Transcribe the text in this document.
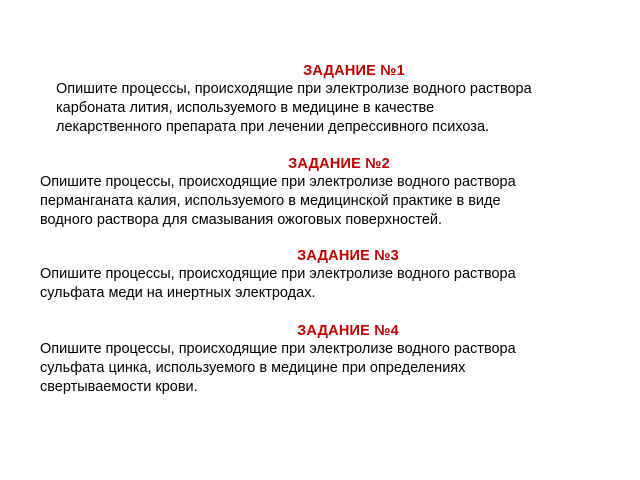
ЗАДАНИЕ №1

Опишите процессы, происходящие при электролизе водного раствора
карбоната лития, используемого в медицине в качестве
лекарственного препарата при лечении депрессивного психоза.

ЗАДАНИЕ №2

Опишите процессы, происходящие при электролизе водного раствора
перманганата калия, используемого в медицинской практике в виде
водного раствора для смазывания ожоговых поверхностей.

ЗАДАНИЕ №3

Опишите процессы, происходящие при электролизе водного раствора
сульфата меди на инертных электродах.

ЗАДАНИЕ №4

Опишите процессы, происходящие при электролизе водного раствора
сульфата цинка, используемого в медицине при определениях
свертываемости крови.
